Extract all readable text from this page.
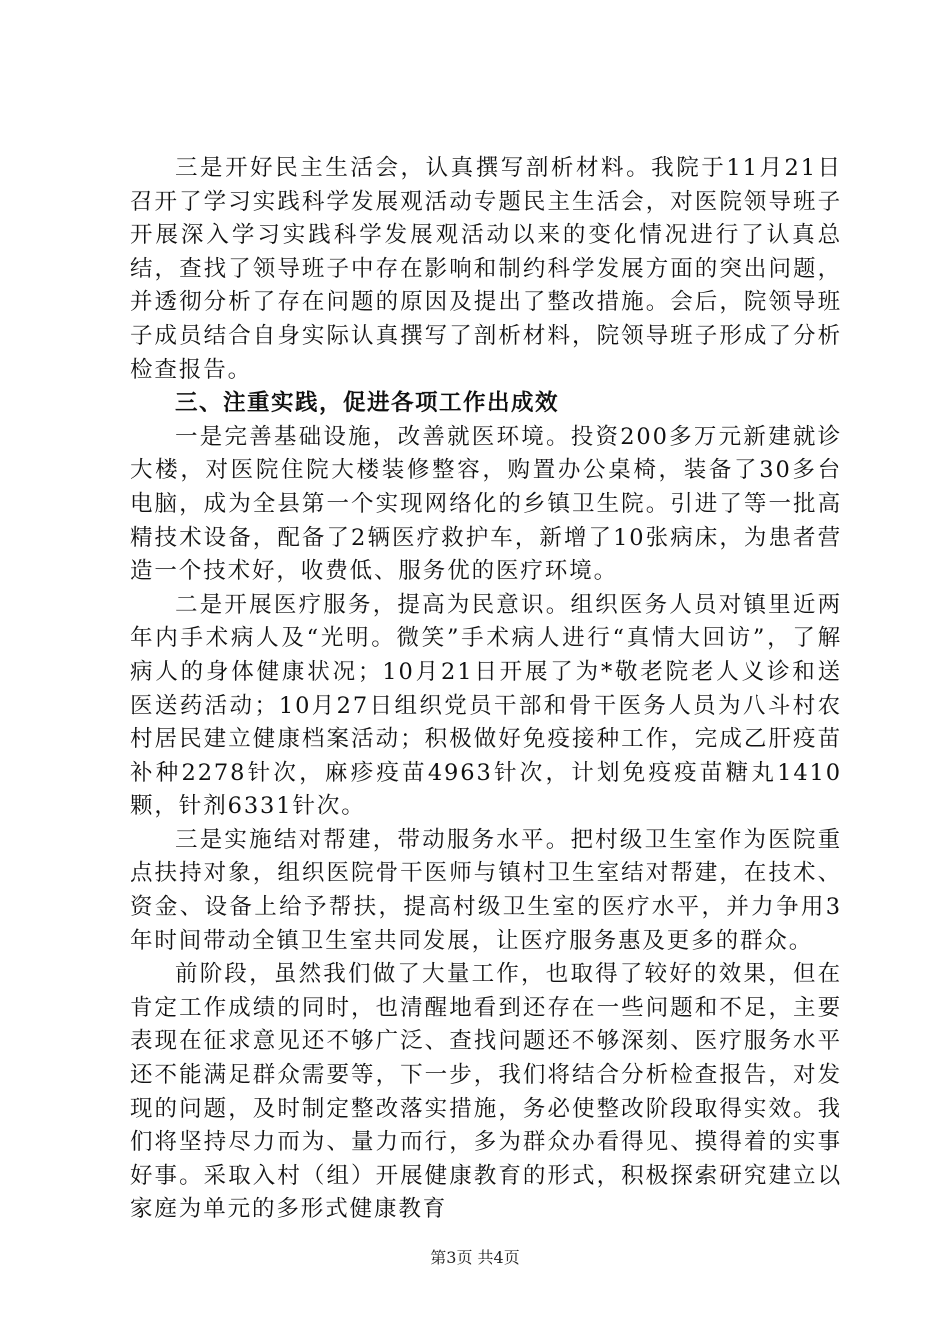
三是开好民主生活会，认真撰写剖析材料。我院于11月21日召开了学习实践科学发展观活动专题民主生活会，对医院领导班子开展深入学习实践科学发展观活动以来的变化情况进行了认真总结，查找了领导班子中存在影响和制约科学发展方面的突出问题，并透彻分析了存在问题的原因及提出了整改措施。会后，院领导班子成员结合自身实际认真撰写了剖析材料，院领导班子形成了分析检查报告。

三、注重实践，促进各项工作出成效

一是完善基础设施，改善就医环境。投资200多万元新建就诊大楼，对医院住院大楼装修整容，购置办公桌椅，装备了30多台电脑，成为全县第一个实现网络化的乡镇卫生院。引进了等一批高精技术设备，配备了2辆医疗救护车，新增了10张病床，为患者营造一个技术好，收费低、服务优的医疗环境。

二是开展医疗服务，提高为民意识。组织医务人员对镇里近两年内手术病人及“光明。微笑”手术病人进行“真情大回访”，了解病人的身体健康状况；10月21日开展了为*敬老院老人义诊和送医送药活动；10月27日组织党员干部和骨干医务人员为八斗村农村居民建立健康档案活动；积极做好免疫接种工作，完成乙肝疫苗补种2278针次，麻疹疫苗4963针次，计划免疫疫苗糖丸1410颗，针剂6331针次。

三是实施结对帮建，带动服务水平。把村级卫生室作为医院重点扶持对象，组织医院骨干医师与镇村卫生室结对帮建，在技术、资金、设备上给予帮扶，提高村级卫生室的医疗水平，并力争用3年时间带动全镇卫生室共同发展，让医疗服务惠及更多的群众。

前阶段，虽然我们做了大量工作，也取得了较好的效果，但在肯定工作成绩的同时，也清醒地看到还存在一些问题和不足，主要表现在征求意见还不够广泛、查找问题还不够深刻、医疗服务水平还不能满足群众需要等，下一步，我们将结合分析检查报告，对发现的问题，及时制定整改落实措施，务必使整改阶段取得实效。我们将坚持尽力而为、量力而行，多为群众办看得见、摸得着的实事好事。采取入村（组）开展健康教育的形式，积极探索研究建立以家庭为单元的多形式健康教育

第3页 共4页
